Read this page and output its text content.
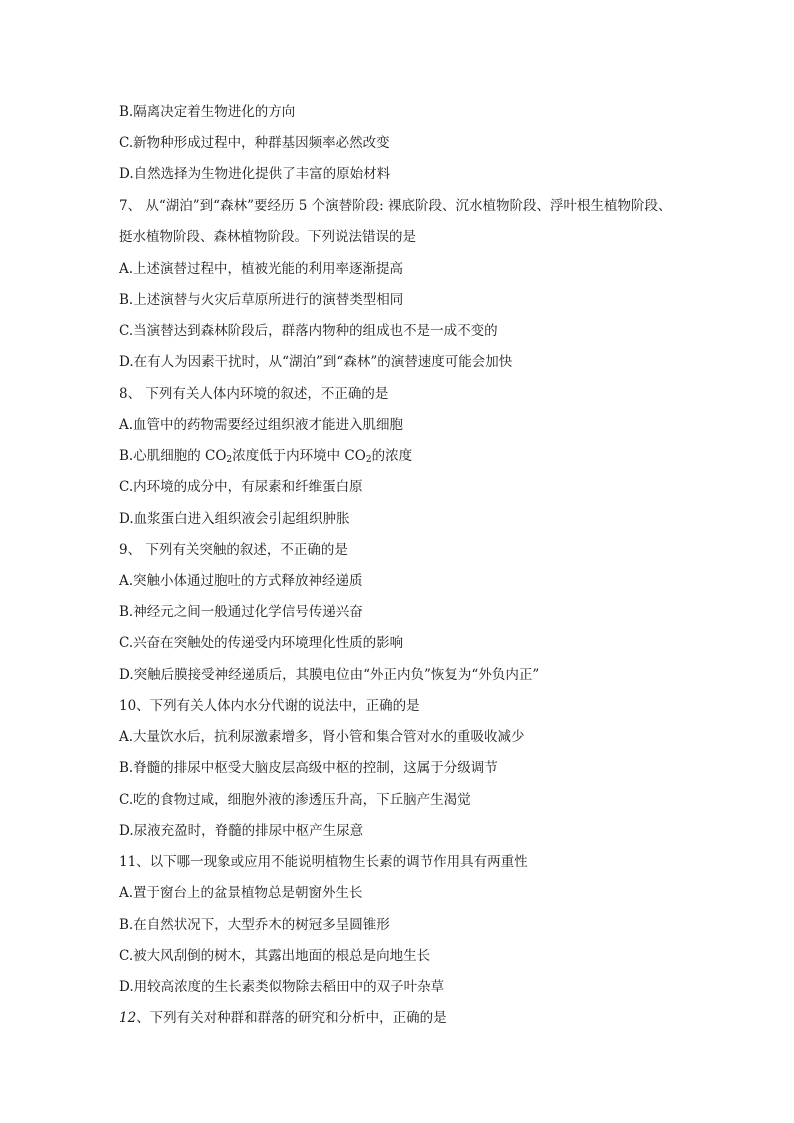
B.隔离决定着生物进化的方向
C.新物种形成过程中，种群基因频率必然改变
D.自然选择为生物进化提供了丰富的原始材料
7、 从“湖泊”到“森林”要经历 5 个演替阶段: 裸底阶段、沉水植物阶段、浮叶根生植物阶段、
挺水植物阶段、森林植物阶段。下列说法错误的是
A.上述演替过程中，植被光能的利用率逐渐提高
B.上述演替与火灾后草原所进行的演替类型相同
C.当演替达到森林阶段后，群落内物种的组成也不是一成不变的
D.在有人为因素干扰时，从“湖泊”到“森林”的演替速度可能会加快
8、 下列有关人体内环境的叙述，不正确的是
A.血管中的药物需要经过组织液才能进入肌细胞
B.心肌细胞的 $CO_2$浓度低于内环境中 $CO_2$的浓度
C.内环境的成分中，有尿素和纤维蛋白原
D.血浆蛋白进入组织液会引起组织肿胀
9、 下列有关突触的叙述，不正确的是
A.突触小体通过胞吐的方式释放神经递质
B.神经元之间一般通过化学信号传递兴奋
C.兴奋在突触处的传递受内环境理化性质的影响
D.突触后膜接受神经递质后，其膜电位由“外正内负”恢复为“外负内正”
10、下列有关人体内水分代谢的说法中，正确的是
A.大量饮水后，抗利尿激素增多，肾小管和集合管对水的重吸收减少
B.脊髓的排尿中枢受大脑皮层高级中枢的控制，这属于分级调节
C.吃的食物过咸，细胞外液的渗透压升高，下丘脑产生渴觉
D.尿液充盈时，脊髓的排尿中枢产生尿意
11、以下哪一现象或应用不能说明植物生长素的调节作用具有两重性
A.置于窗台上的盆景植物总是朝窗外生长
B.在自然状况下，大型乔木的树冠多呈圆锥形
C.被大风刮倒的树木，其露出地面的根总是向地生长
D.用较高浓度的生长素类似物除去稻田中的双子叶杂草
12、下列有关对种群和群落的研究和分析中，正确的是
